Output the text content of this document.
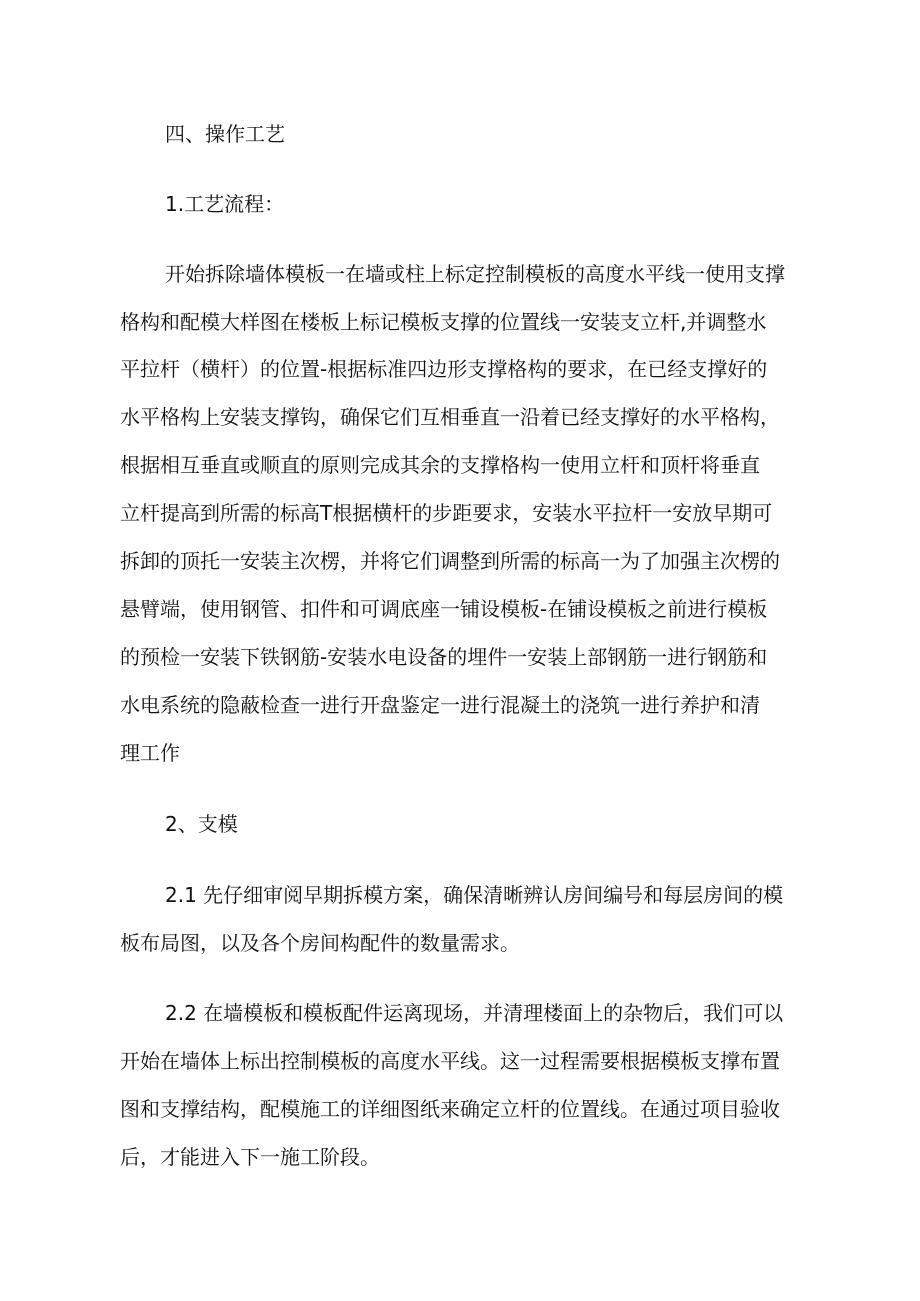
四、操作工艺
1.工艺流程：

开始拆除墙体模板一在墙或柱上标定控制模板的高度水平线一使用支撑

格构和配模大样图在楼板上标记模板支撑的位置线一安装支立杆,并调整水

平拉杆（横杆）的位置-根据标准四边形支撑格构的要求，在已经支撑好的

水平格构上安装支撑钩，确保它们互相垂直一沿着已经支撑好的水平格构，

根据相互垂直或顺直的原则完成其余的支撑格构一使用立杆和顶杆将垂直

立杆提高到所需的标高T根据横杆的步距要求，安装水平拉杆一安放早期可

拆卸的顶托一安装主次楞，并将它们调整到所需的标高一为了加强主次楞的

悬臂端，使用钢管、扣件和可调底座一铺设模板-在铺设模板之前进行模板

的预检一安装下铁钢筋-安装水电设备的埋件一安装上部钢筋一进行钢筋和

水电系统的隐蔽检查一进行开盘鉴定一进行混凝土的浇筑一进行养护和清

理工作

2、支模

2.1 先仔细审阅早期拆模方案，确保清晰辨认房间编号和每层房间的模

板布局图，以及各个房间构配件的数量需求。

2.2 在墙模板和模板配件运离现场，并清理楼面上的杂物后，我们可以

开始在墙体上标出控制模板的高度水平线。这一过程需要根据模板支撑布置

图和支撑结构，配模施工的详细图纸来确定立杆的位置线。在通过项目验收

后，才能进入下一施工阶段。
